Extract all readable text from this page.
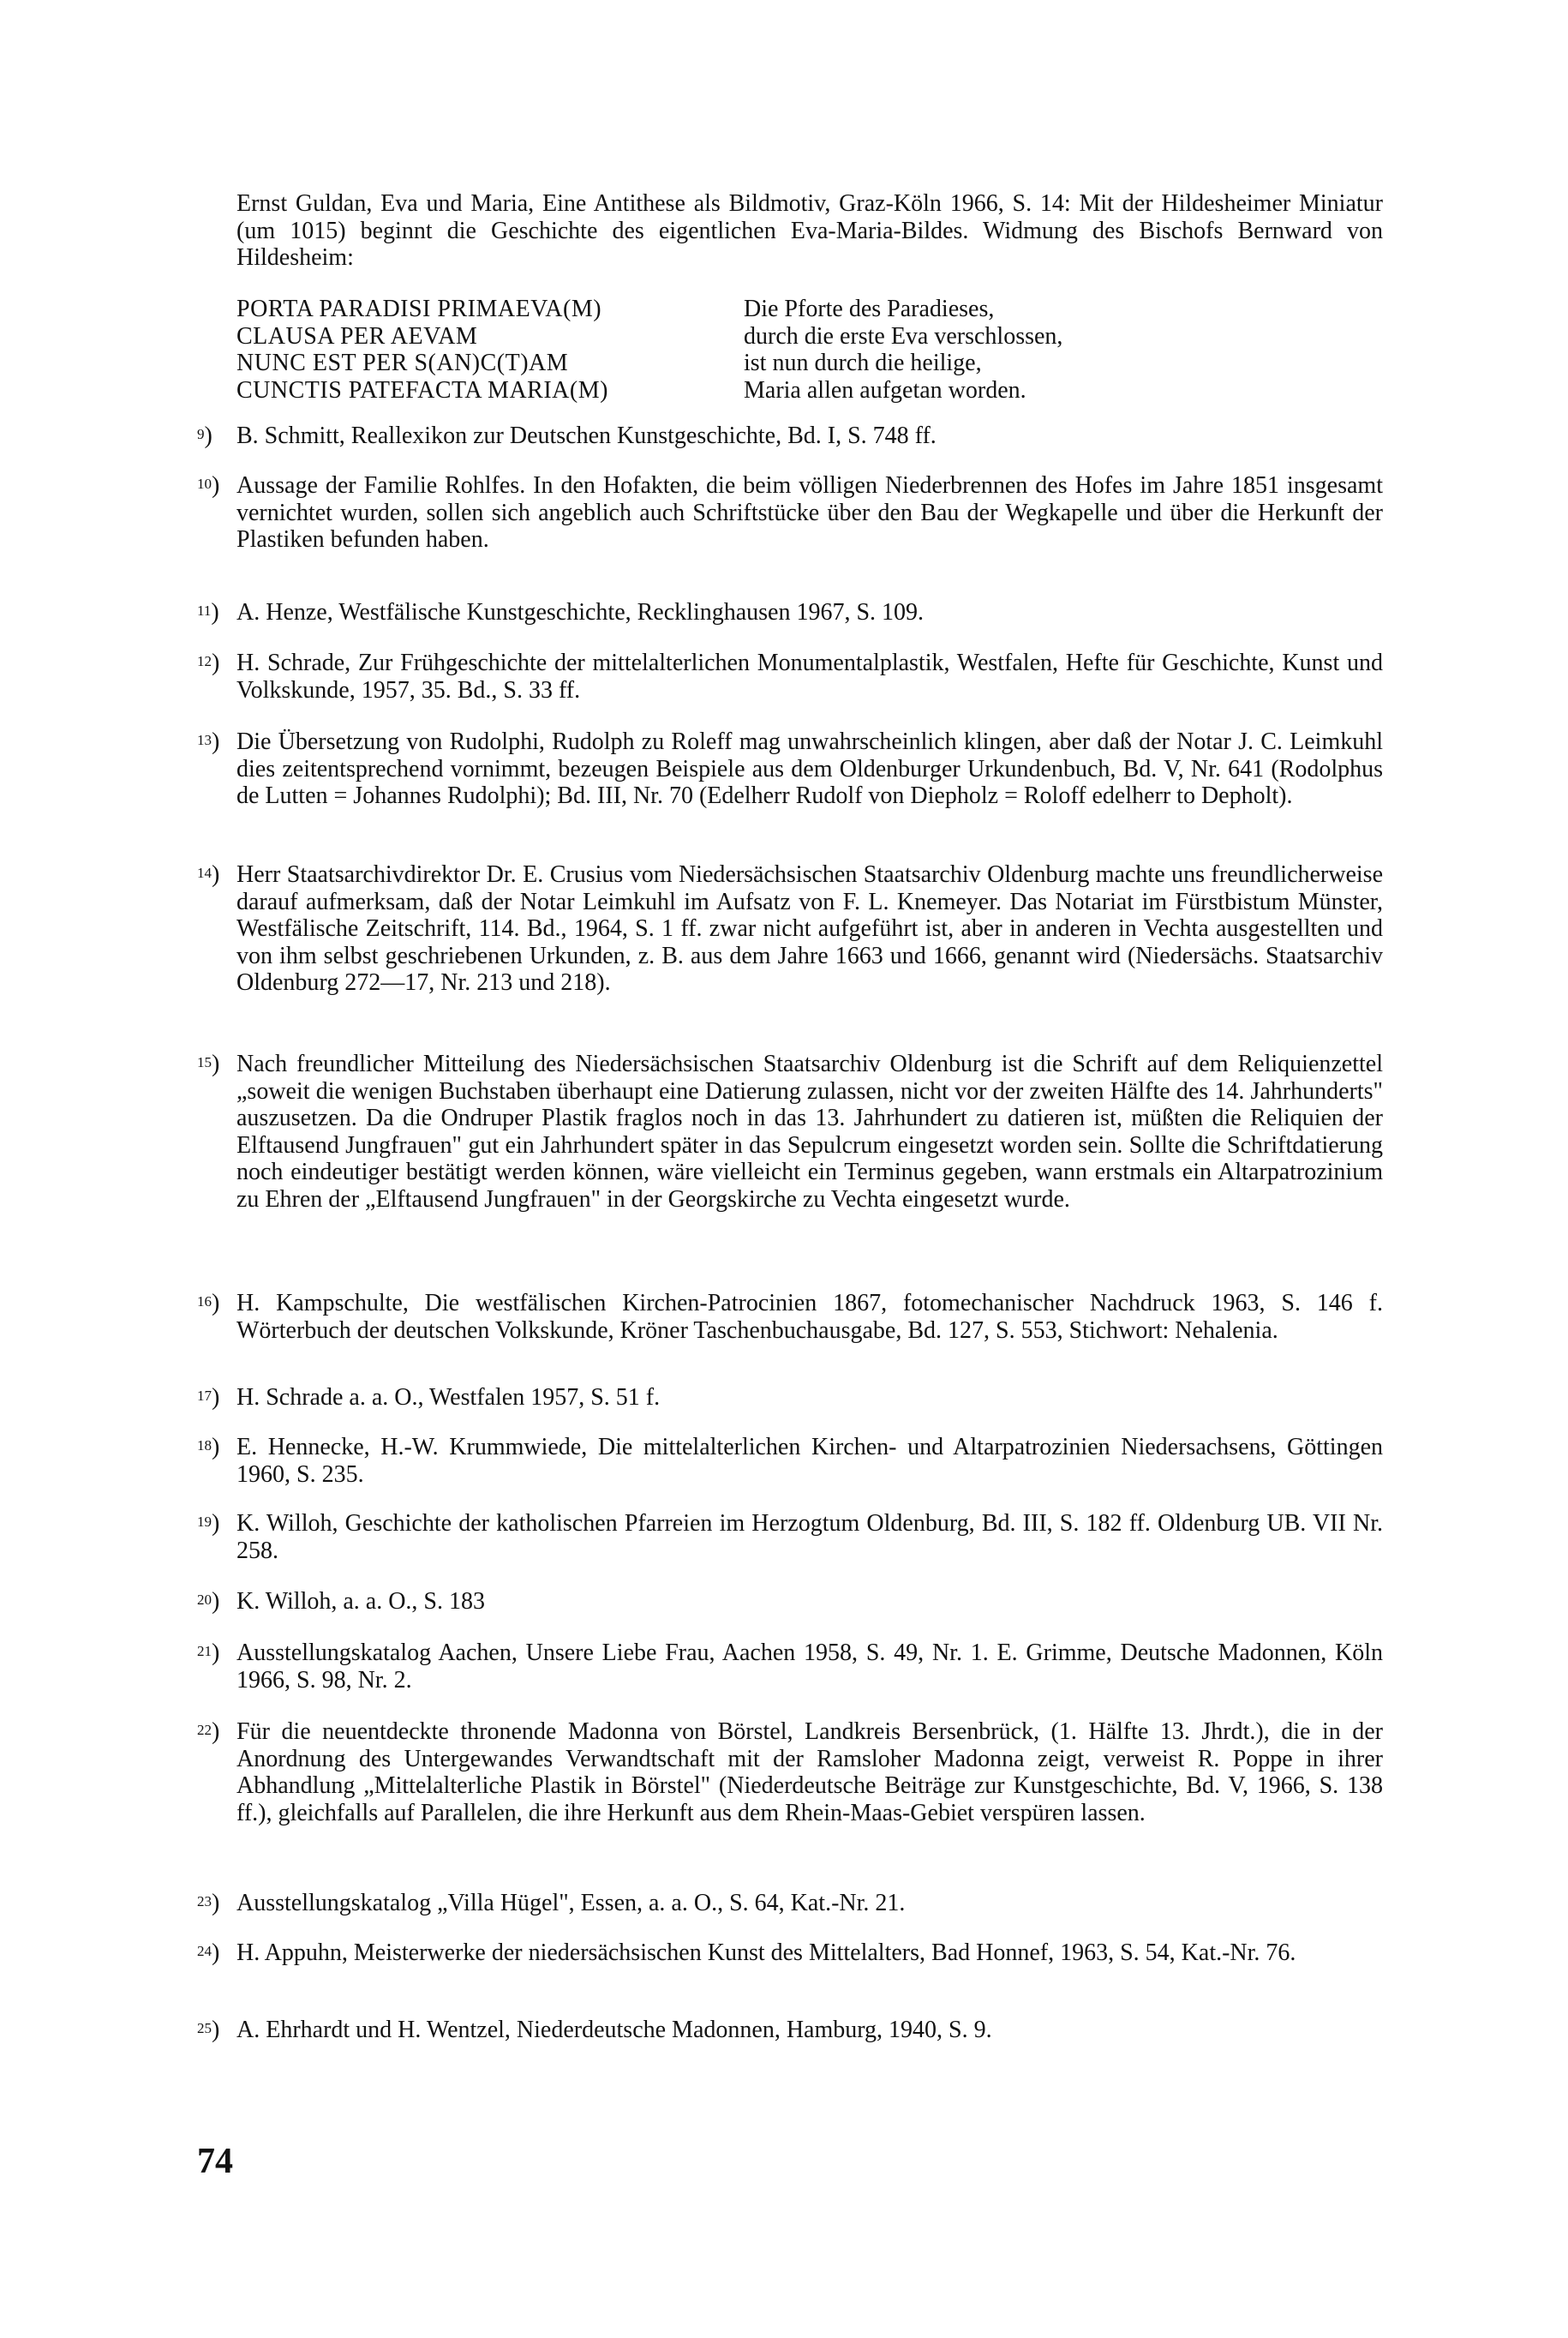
Ernst Guldan, Eva und Maria, Eine Antithese als Bildmotiv, Graz-Köln 1966, S. 14: Mit der Hildesheimer Miniatur (um 1015) beginnt die Geschichte des eigentlichen Eva-Maria-Bildes. Widmung des Bischofs Bernward von Hildesheim:

PORTA PARADISI PRIMAEVA(M)	Die Pforte des Paradieses,
CLAUSA PER AEVAM	durch die erste Eva verschlossen,
NUNC EST PER S(AN)C(T)AM	ist nun durch die heilige,
CUNCTIS PATEFACTA MARIA(M)	Maria allen aufgetan worden.
$^9$)	B. Schmitt, Reallexikon zur Deutschen Kunstgeschichte, Bd. I, S. 748 ff.
$^{10}$) Aussage der Familie Rohlfes. In den Hofakten, die beim völligen Niederbrennen des Hofes im Jahre 1851 insgesamt vernichtet wurden, sollen sich angeblich auch Schriftstücke über den Bau der Wegkapelle und über die Herkunft der Plastiken befunden haben.
$^{11}$) A. Henze, Westfälische Kunstgeschichte, Recklinghausen 1967, S. 109.
$^{12}$) H. Schrade, Zur Frühgeschichte der mittelalterlichen Monumentalplastik, Westfalen, Hefte für Geschichte, Kunst und Volkskunde, 1957, 35. Bd., S. 33 ff.
$^{13}$) Die Übersetzung von Rudolphi, Rudolph zu Roleff mag unwahrscheinlich klingen, aber daß der Notar J. C. Leimkuhl dies zeitentsprechend vornimmt, bezeugen Beispiele aus dem Oldenburger Urkundenbuch, Bd. V, Nr. 641 (Rodolphus de Lutten = Johannes Rudolphi); Bd. III, Nr. 70 (Edelherr Rudolf von Diepholz = Roloff edelherr to Depholt).
$^{14}$) Herr Staatsarchivdirektor Dr. E. Crusius vom Niedersächsischen Staatsarchiv Oldenburg machte uns freundlicherweise darauf aufmerksam, daß der Notar Leimkuhl im Aufsatz von F. L. Knemeyer. Das Notariat im Fürstbistum Münster, Westfälische Zeitschrift, 114. Bd., 1964, S. 1 ff. zwar nicht aufgeführt ist, aber in anderen in Vechta ausgestellten und von ihm selbst geschriebenen Urkunden, z. B. aus dem Jahre 1663 und 1666, genannt wird (Niedersächs. Staatsarchiv Oldenburg 272—17, Nr. 213 und 218).
$^{15}$) Nach freundlicher Mitteilung des Niedersächsischen Staatsarchiv Oldenburg ist die Schrift auf dem Reliquienzettel „soweit die wenigen Buchstaben überhaupt eine Datierung zulassen, nicht vor der zweiten Hälfte des 14. Jahrhunderts" auszusetzen. Da die Ondruper Plastik fraglos noch in das 13. Jahrhundert zu datieren ist, müßten die Reliquien der Elftausend Jungfrauen" gut ein Jahrhundert später in das Sepulcrum eingesetzt worden sein. Sollte die Schriftdatierung noch eindeutiger bestätigt werden können, wäre vielleicht ein Terminus gegeben, wann erstmals ein Altarpatrozinium zu Ehren der „Elftausend Jungfrauen" in der Georgskirche zu Vechta eingesetzt wurde.
$^{16}$) H. Kampschulte, Die westfälischen Kirchen-Patrocinien 1867, fotomechanischer Nachdruck 1963, S. 146 f. Wörterbuch der deutschen Volkskunde, Kröner Taschenbuchausgabe, Bd. 127, S. 553, Stichwort: Nehalenia.
$^{17}$) H. Schrade a. a. O., Westfalen 1957, S. 51 f.
$^{18}$) E. Hennecke, H.-W. Krummwiede, Die mittelalterlichen Kirchen- und Altarpatrozinien Niedersachsens, Göttingen 1960, S. 235.
$^{19}$) K. Willoh, Geschichte der katholischen Pfarreien im Herzogtum Oldenburg, Bd. III, S. 182 ff. Oldenburg UB. VII Nr. 258.
$^{20}$) K. Willoh, a. a. O., S. 183
$^{21}$) Ausstellungskatalog Aachen, Unsere Liebe Frau, Aachen 1958, S. 49, Nr. 1. E. Grimme, Deutsche Madonnen, Köln 1966, S. 98, Nr. 2.
$^{22}$) Für die neuentdeckte thronende Madonna von Börstel, Landkreis Bersenbrück, (1. Hälfte 13. Jhrdt.), die in der Anordnung des Untergewandes Verwandtschaft mit der Ramsloher Madonna zeigt, verweist R. Poppe in ihrer Abhandlung „Mittelalterliche Plastik in Börstel" (Niederdeutsche Beiträge zur Kunstgeschichte, Bd. V, 1966, S. 138 ff.), gleichfalls auf Parallelen, die ihre Herkunft aus dem Rhein-Maas-Gebiet verspüren lassen.
$^{23}$) Ausstellungskatalog „Villa Hügel", Essen, a. a. O., S. 64, Kat.-Nr. 21.
$^{24}$) H. Appuhn, Meisterwerke der niedersächsischen Kunst des Mittelalters, Bad Honnef, 1963, S. 54, Kat.-Nr. 76.
$^{25}$) A. Ehrhardt und H. Wentzel, Niederdeutsche Madonnen, Hamburg, 1940, S. 9.
74
